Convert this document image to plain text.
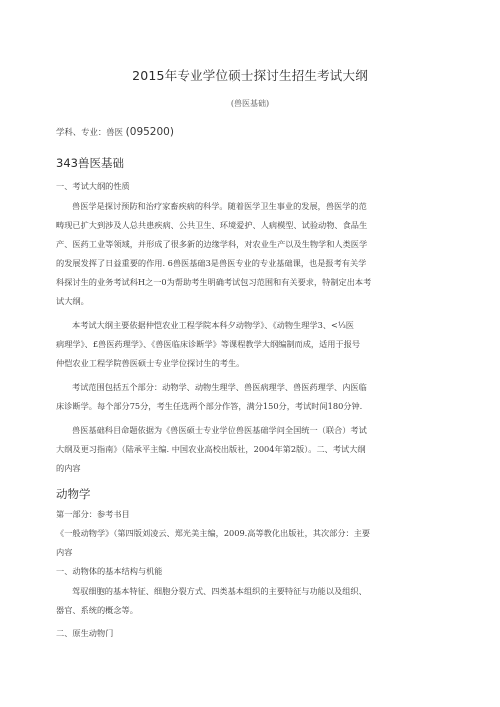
2015年专业学位硕士探讨生招生考试大纲
(兽医基础)
学科、专业：兽医 (095200)
343兽医基础
一、考试大纲的性质
兽医学是探讨预防和治疗家畜疾病的科学。随着医学卫生事业的发展，兽医学的范
畴现已扩大到涉及人总共患疾病、公共卫生、环境爱护、人病模型、试验动物、食品生
产、医药工业等领域，并形成了很多新的边缘学科，对农业生产以及生物学和人类医学
的发展发挥了日益重要的作用. 6兽医基础3是兽医专业的专业基础课，也是报考有关学
科探讨生的业务考试科H之一0为帮助考生明确考试包习范围和有关要求，特制定出本考
试大纲。
本考试大纲主要依据仲恺农业工程学院本科夕动物学》、《动物生理学3、<⅓医
病理学》、£兽医药理学》、《兽医临床诊断学》等课程教学大纲编制而成，适用于报号
仲恺农业工程学院兽医硕士专业学位探讨生的考生。
考试范围包括五个部分：动物学、动物生理学、兽医病理学、兽医药理学、内医临
床诊断学。每个部分75分，考生任选两个部分作答，满分150分，考试时间180分钟.
兽医基础科目命题依据为《兽医硕士专业学位兽医基础学问全国统一（联合）考试
大纲及更习指南》（陆承平主编. 中国农业高校出版社，2004年第2版）。二、考试大纲
的内容
动物学
第一部分：参考书目
《一般动物学》（第四版刘凌云、郑光美主编，2009.高等教化出版社，其次部分：主要
内容
一、动物体的基本结构与机能
驾驭细胞的基本特征、细胞分裂方式、四类基本组织的主要特征与功能以及组织、
器官、系统的概念等。
二、原生动物门
